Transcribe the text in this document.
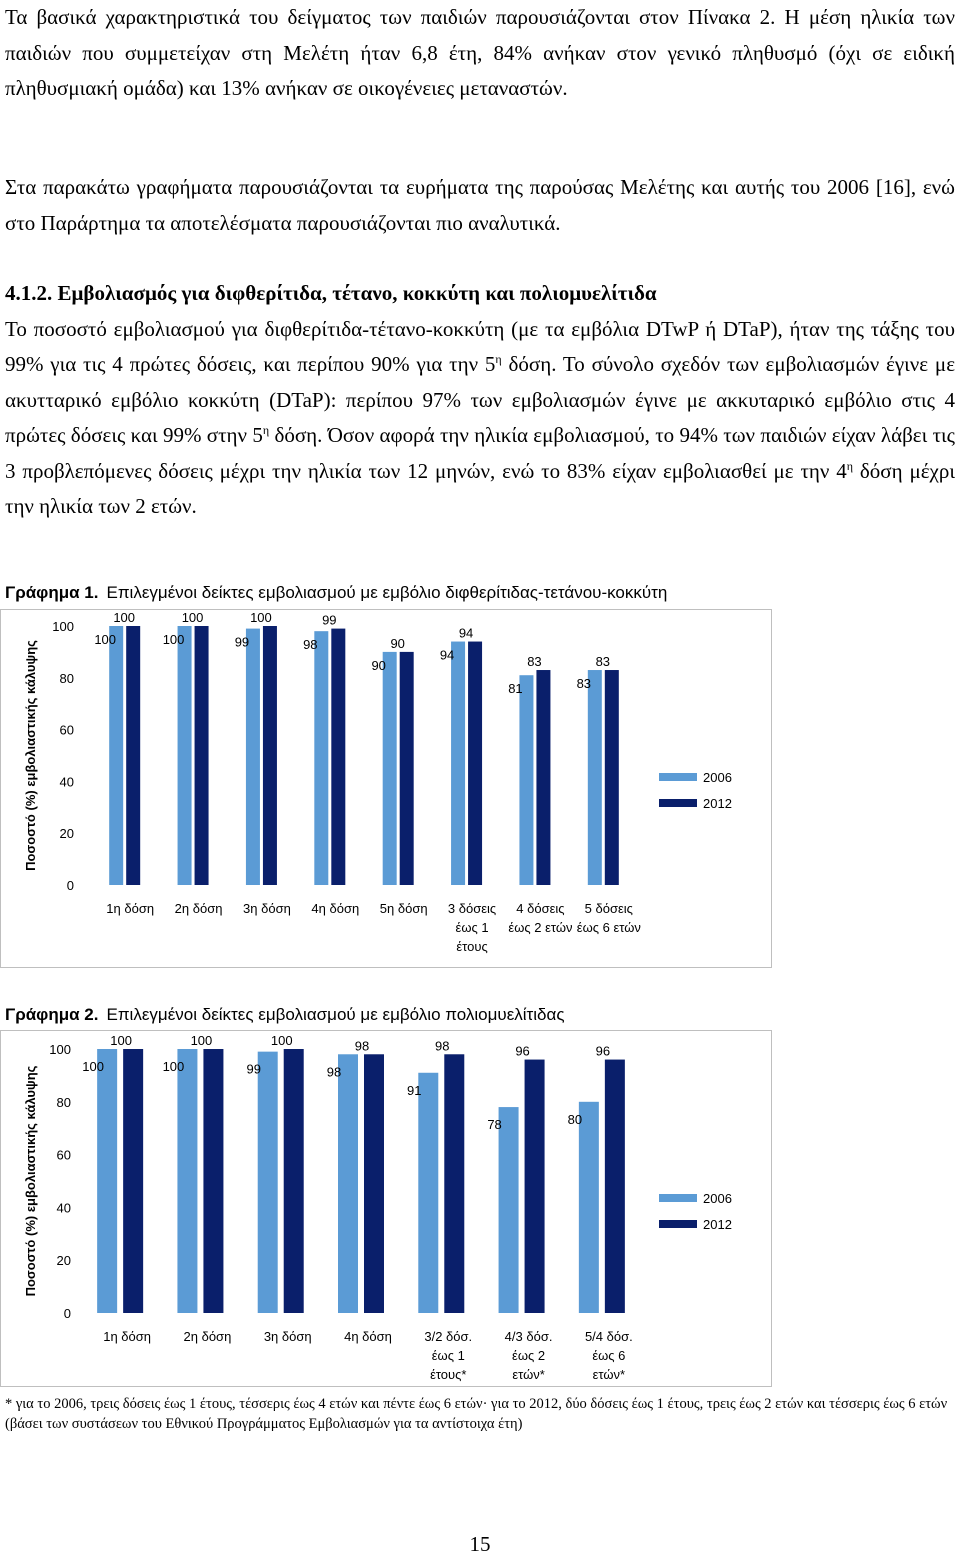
Τα βασικά χαρακτηριστικά του δείγματος των παιδιών παρουσιάζονται στον Πίνακα 2. Η μέση ηλικία των παιδιών που συμμετείχαν στη Μελέτη ήταν 6,8 έτη, 84% ανήκαν στον γενικό πληθυσμό (όχι σε ειδική πληθυσμιακή ομάδα) και 13% ανήκαν σε οικογένειες μεταναστών.

Στα παρακάτω γραφήματα παρουσιάζονται τα ευρήματα της παρούσας Μελέτης και αυτής του 2006 [16], ενώ στο Παράρτημα τα αποτελέσματα παρουσιάζονται πιο αναλυτικά.

4.1.2. Εμβολιασμός για διφθερίτιδα, τέτανο, κοκκύτη και πολιομυελίτιδα

Το ποσοστό εμβολιασμού για διφθερίτιδα-τέτανο-κοκκύτη (με τα εμβόλια DTwP ή DTaP), ήταν της τάξης του 99% για τις 4 πρώτες δόσεις, και περίπου 90% για την $5^\eta$ δόση. Το σύνολο σχεδόν των εμβολιασμών έγινε με ακυτταρικό εμβόλιο κοκκύτη (DTaP): περίπου 97% των εμβολιασμών έγινε με ακκυταρικό εμβόλιο στις 4 πρώτες δόσεις και 99% στην $5^\eta$ δόση. Όσον αφορά την ηλικία εμβολιασμού, το 94% των παιδιών είχαν λάβει τις 3 προβλεπόμενες δόσεις μέχρι την ηλικία των 12 μηνών, ενώ το 83% είχαν εμβολιασθεί με την $4^\eta$ δόση μέχρι την ηλικία των 2 ετών.

Γράφημα 1. Επιλεγμένοι δείκτες εμβολιασμού με εμβόλιο διφθερίτιδας-τετάνου-κοκκύτη
Ποσοστό (%) εμβολιαστικής κάλυψης
0
20
40
60
80
100
100
100
1η δόση
100
100
2η δόση
99
100
3η δόση
98
99
4η δόση
90
90
5η δόση
94
94
3 δόσεις
έως 1
έτους
81
83
4 δόσεις
έως 2 ετών
83
83
5 δόσεις
έως 6 ετών
2006
2012
Γράφημα 2. Επιλεγμένοι δείκτες εμβολιασμού με εμβόλιο πολιομυελίτιδας
Ποσοστό (%) εμβολιαστικής κάλυψης
0
20
40
60
80
100
100
100
1η δόση
100
100
2η δόση
99
100
3η δόση
98
98
4η δόση
91
98
3/2 δόσ.
έως 1
έτους*
78
96
4/3 δόσ.
έως 2
ετών*
80
96
5/4 δόσ.
έως 6
ετών*
2006
2012
* για το 2006, τρεις δόσεις έως 1 έτους, τέσσερις έως 4 ετών και πέντε έως 6 ετών· για το 2012, δύο δόσεις έως 1 έτους, τρεις έως 2 ετών και τέσσερις έως 6 ετών (βάσει των συστάσεων του Εθνικού Προγράμματος Εμβολιασμών για τα αντίστοιχα έτη)
15
